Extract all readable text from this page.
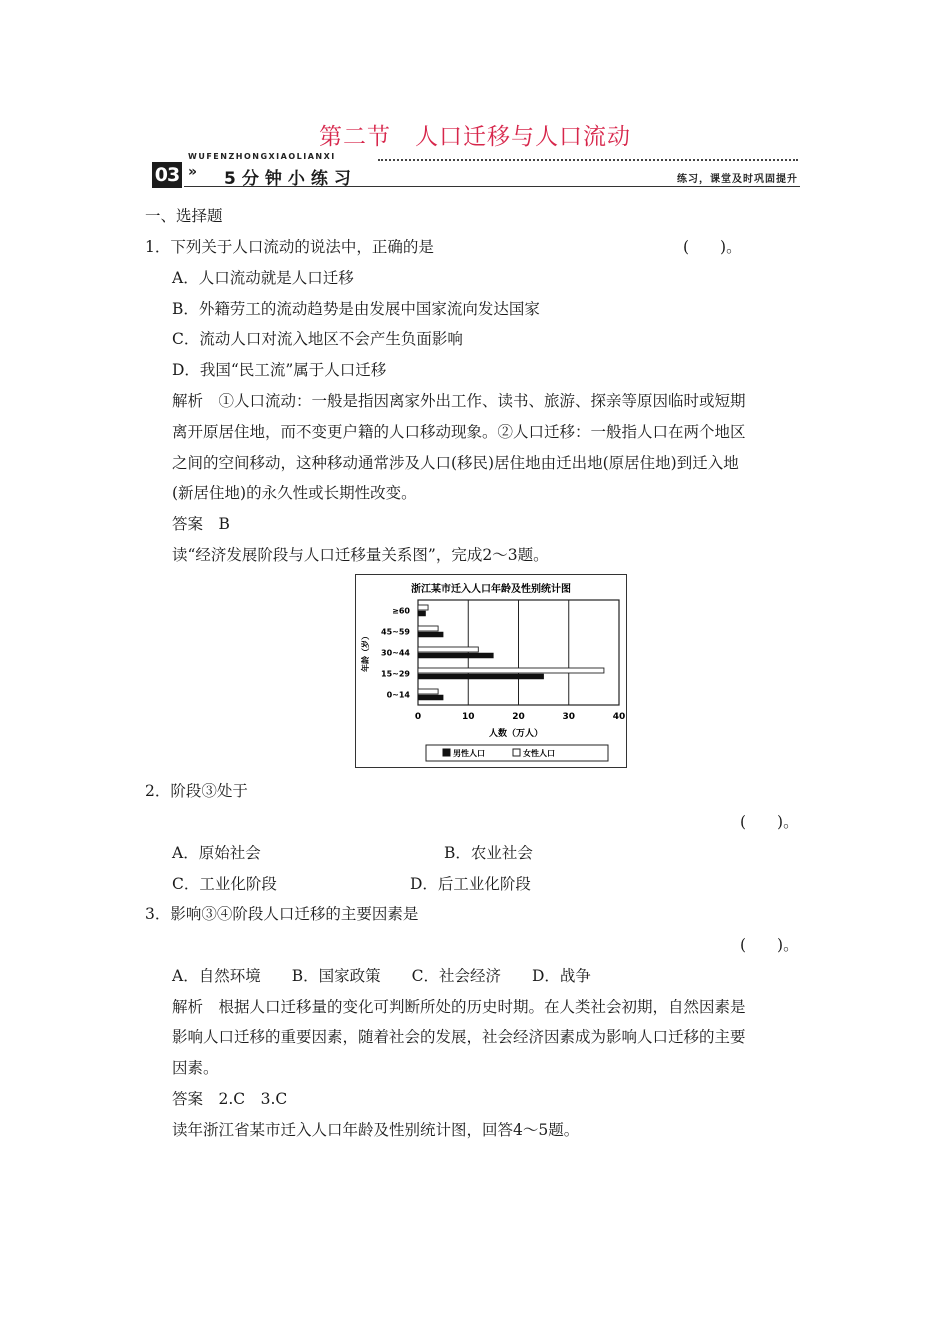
第二节　人口迁移与人口流动
WUFENZHONGXIAOLIANXI
03 » 5分钟小练习	练习，课堂及时巩固提升
一、选择题
1．下列关于人口流动的说法中，正确的是	(　　)。
A．人口流动就是人口迁移
B．外籍劳工的流动趋势是由发展中国家流向发达国家
C．流动人口对流入地区不会产生负面影响
D．我国“民工流”属于人口迁移
解析　①人口流动：一般是指因离家外出工作、读书、旅游、探亲等原因临时或短期
离开原居住地，而不变更户籍的人口移动现象。②人口迁移：一般指人口在两个地区
之间的空间移动，这种移动通常涉及人口(移民)居住地由迁出地(原居住地)到迁入地
(新居住地)的永久性或长期性改变。
答案　B
读“经济发展阶段与人口迁移量关系图”，完成2～3题。
浙江某市迁入人口年龄及性别统计图
0	10	20	30	40
≥60
45~59
30~44
15~29
0~14
人数（万人）
年龄（岁）
男性人口	女性人口
2．阶段③处于
(　　)。
A．原始社会	B．农业社会
C．工业化阶段	D．后工业化阶段
3．影响③④阶段人口迁移的主要因素是
(　　)。
A．自然环境　　B．国家政策　　C．社会经济　　D．战争
解析　根据人口迁移量的变化可判断所处的历史时期。在人类社会初期，自然因素是
影响人口迁移的重要因素，随着社会的发展，社会经济因素成为影响人口迁移的主要
因素。
答案　2.C　3.C
读年浙江省某市迁入人口年龄及性别统计图，回答4～5题。
